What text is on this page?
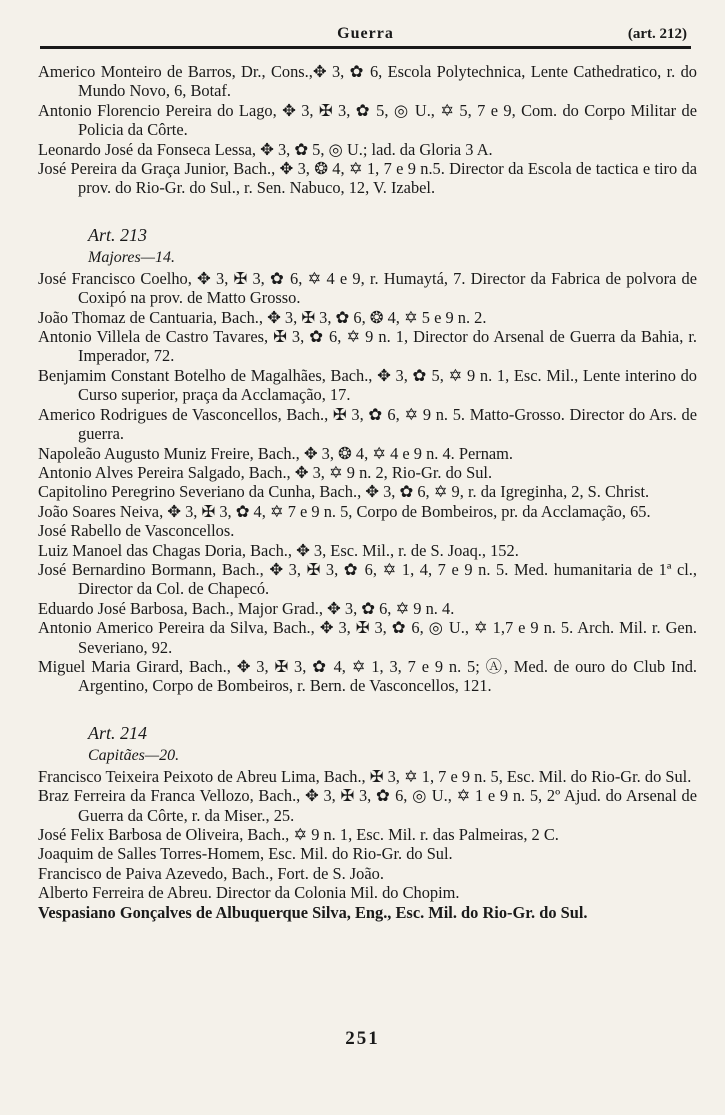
Guerra	(art. 212)

Americo Monteiro de Barros, Dr., Cons.,✥ 3, ✿ 6, Escola Polytechnica, Lente Cathedratico, r. do Mundo Novo, 6, Botaf.

Antonio Florencio Pereira do Lago, ✥ 3, ✠ 3, ✿ 5, ◎ U., ✡ 5, 7 e 9, Com. do Corpo Militar de Policia da Côrte.

Leonardo José da Fonseca Lessa, ✥ 3, ✿ 5, ◎ U.; lad. da Gloria 3 A.

José Pereira da Graça Junior, Bach., ✥ 3, ❂ 4, ✡ 1, 7 e 9 n.5. Director da Escola de tactica e tiro da prov. do Rio-Gr. do Sul., r. Sen. Nabuco, 12, V. Izabel.

Art. 213
Majores—14.

José Francisco Coelho, ✥ 3, ✠ 3, ✿ 6, ✡ 4 e 9, r. Humaytá, 7. Director da Fabrica de polvora de Coxipó na prov. de Matto Grosso.

João Thomaz de Cantuaria, Bach., ✥ 3, ✠ 3, ✿ 6, ❂ 4, ✡ 5 e 9 n. 2.

Antonio Villela de Castro Tavares, ✠ 3, ✿ 6, ✡ 9 n. 1, Director do Arsenal de Guerra da Bahia, r. Imperador, 72.

Benjamim Constant Botelho de Magalhães, Bach., ✥ 3, ✿ 5, ✡ 9 n. 1, Esc. Mil., Lente interino do Curso superior, praça da Acclamação, 17.

Americo Rodrigues de Vasconcellos, Bach., ✠ 3, ✿ 6, ✡ 9 n. 5. Matto-Grosso. Director do Ars. de guerra.

Napoleão Augusto Muniz Freire, Bach., ✥ 3, ❂ 4, ✡ 4 e 9 n. 4. Pernam.

Antonio Alves Pereira Salgado, Bach., ✥ 3, ✡ 9 n. 2, Rio-Gr. do Sul.

Capitolino Peregrino Severiano da Cunha, Bach., ✥ 3, ✿ 6, ✡ 9, r. da Igreginha, 2, S. Christ.

João Soares Neiva, ✥ 3, ✠ 3, ✿ 4, ✡ 7 e 9 n. 5, Corpo de Bombeiros, pr. da Acclamação, 65.

José Rabello de Vasconcellos.

Luiz Manoel das Chagas Doria, Bach., ✥ 3, Esc. Mil., r. de S. Joaq., 152.

José Bernardino Bormann, Bach., ✥ 3, ✠ 3, ✿ 6, ✡ 1, 4, 7 e 9 n. 5. Med. humanitaria de 1ª cl., Director da Col. de Chapecó.

Eduardo José Barbosa, Bach., Major Grad., ✥ 3, ✿ 6, ✡ 9 n. 4.

Antonio Americo Pereira da Silva, Bach., ✥ 3, ✠ 3, ✿ 6, ◎ U., ✡ 1,7 e 9 n. 5. Arch. Mil. r. Gen. Severiano, 92.

Miguel Maria Girard, Bach., ✥ 3, ✠ 3, ✿ 4, ✡ 1, 3, 7 e 9 n. 5; Ⓐ, Med. de ouro do Club Ind. Argentino, Corpo de Bombeiros, r. Bern. de Vasconcellos, 121.

Art. 214
Capitães—20.

Francisco Teixeira Peixoto de Abreu Lima, Bach., ✠ 3, ✡ 1, 7 e 9 n. 5, Esc. Mil. do Rio-Gr. do Sul.

Braz Ferreira da Franca Vellozo, Bach., ✥ 3, ✠ 3, ✿ 6, ◎ U., ✡ 1 e 9 n. 5, 2º Ajud. do Arsenal de Guerra da Côrte, r. da Miser., 25.

José Felix Barbosa de Oliveira, Bach., ✡ 9 n. 1, Esc. Mil. r. das Palmeiras, 2 C.

Joaquim de Salles Torres-Homem, Esc. Mil. do Rio-Gr. do Sul.

Francisco de Paiva Azevedo, Bach., Fort. de S. João.

Alberto Ferreira de Abreu. Director da Colonia Mil. do Chopim.

Vespasiano Gonçalves de Albuquerque Silva, Eng., Esc. Mil. do Rio-Gr. do Sul.

251
